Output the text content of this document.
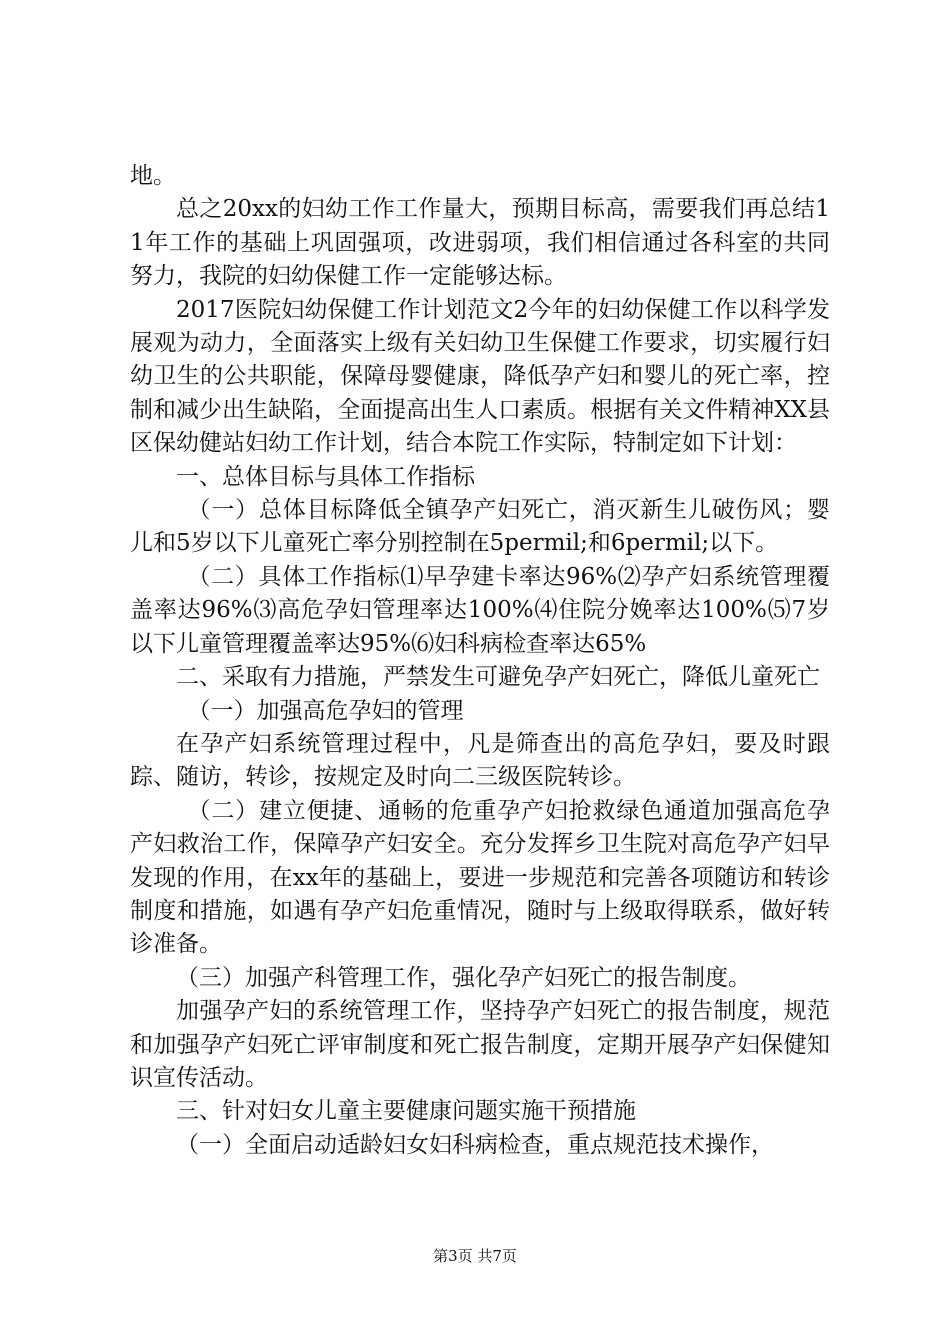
地。

总之20xx的妇幼工作工作量大，预期目标高，需要我们再总结11年工作的基础上巩固强项，改进弱项，我们相信通过各科室的共同努力，我院的妇幼保健工作一定能够达标。

2017医院妇幼保健工作计划范文2今年的妇幼保健工作以科学发展观为动力，全面落实上级有关妇幼卫生保健工作要求，切实履行妇幼卫生的公共职能，保障母婴健康，降低孕产妇和婴儿的死亡率，控制和减少出生缺陷，全面提高出生人口素质。根据有关文件精神XX县区保幼健站妇幼工作计划，结合本院工作实际，特制定如下计划：

一、总体目标与具体工作指标

（一）总体目标降低全镇孕产妇死亡，消灭新生儿破伤风；婴儿和5岁以下儿童死亡率分别控制在5permil;和6permil;以下。

（二）具体工作指标⑴早孕建卡率达96%⑵孕产妇系统管理覆盖率达96%⑶高危孕妇管理率达100%⑷住院分娩率达100%⑸7岁以下儿童管理覆盖率达95%⑹妇科病检查率达65%

二、采取有力措施，严禁发生可避免孕产妇死亡，降低儿童死亡

（一）加强高危孕妇的管理

在孕产妇系统管理过程中，凡是筛查出的高危孕妇，要及时跟踪、随访，转诊，按规定及时向二三级医院转诊。

（二）建立便捷、通畅的危重孕产妇抢救绿色通道加强高危孕产妇救治工作，保障孕产妇安全。充分发挥乡卫生院对高危孕产妇早发现的作用，在xx年的基础上，要进一步规范和完善各项随访和转诊制度和措施，如遇有孕产妇危重情况，随时与上级取得联系，做好转诊准备。

（三）加强产科管理工作，强化孕产妇死亡的报告制度。

加强孕产妇的系统管理工作，坚持孕产妇死亡的报告制度，规范和加强孕产妇死亡评审制度和死亡报告制度，定期开展孕产妇保健知识宣传活动。

三、针对妇女儿童主要健康问题实施干预措施

（一）全面启动适龄妇女妇科病检查，重点规范技术操作，

第3页 共7页
